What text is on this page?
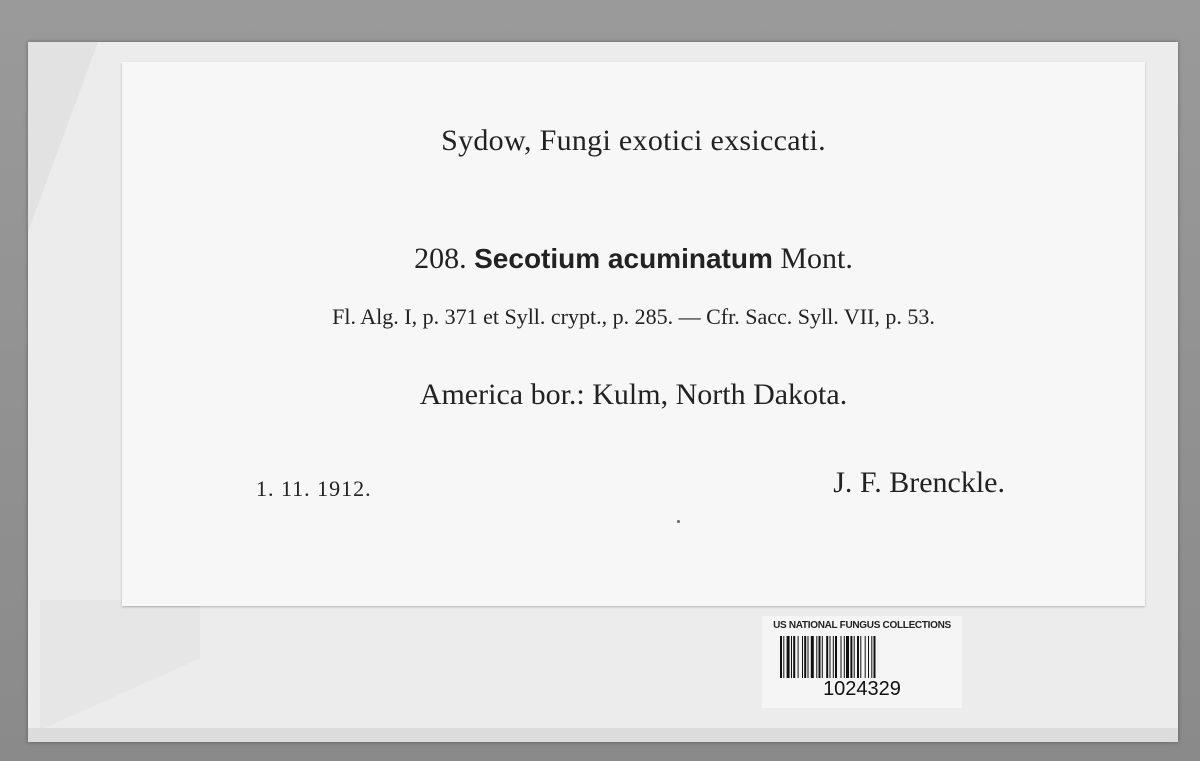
Sydow, Fungi exotici exsiccati.
208. Secotium acuminatum Mont.
Fl. Alg. I, p. 371 et Syll. crypt., p. 285. — Cfr. Sacc. Syll. VII, p. 53.
America bor.: Kulm, North Dakota.
1. 11. 1912.	J. F. Brenckle.
US NATIONAL FUNGUS COLLECTIONS
1024329
